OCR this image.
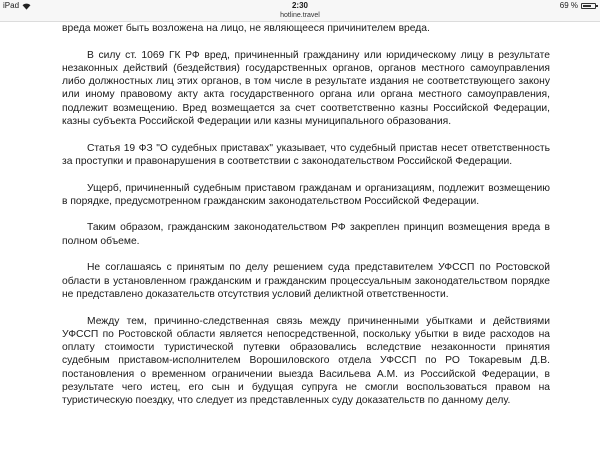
iPad	2:30	69 %
hotline.travel

вреда может быть возложена на лицо, не являющееся причинителем вреда.

В силу ст. 1069 ГК РФ вред, причиненный гражданину или юридическому лицу в результате незаконных действий (бездействия) государственных органов, органов местного самоуправления либо должностных лиц этих органов, в том числе в результате издания не соответствующего закону или иному правовому акту акта государственного органа или органа местного самоуправления, подлежит возмещению. Вред возмещается за счет соответственно казны Российской Федерации, казны субъекта Российской Федерации или казны муниципального образования.

Статья 19 ФЗ "О судебных приставах" указывает, что судебный пристав несет ответственность за проступки и правонарушения в соответствии с законодательством Российской Федерации.

Ущерб, причиненный судебным приставом гражданам и организациям, подлежит возмещению в порядке, предусмотренном гражданским законодательством Российской Федерации.

Таким образом, гражданским законодательством РФ закреплен принцип возмещения вреда в полном объеме.

Не соглашаясь с принятым по делу решением суда представителем УФССП по Ростовской области в установленном гражданским и гражданским процессуальным законодательством порядке не представлено доказательств отсутствия условий деликтной ответственности.

Между тем, причинно-следственная связь между причиненными убытками и действиями УФССП по Ростовской области является непосредственной, поскольку убытки в виде расходов на оплату стоимости туристической путевки образовались вследствие незаконности принятия судебным приставом-исполнителем Ворошиловского отдела УФССП по РО Токаревым Д.В. постановления о временном ограничении выезда Васильева А.М. из Российской Федерации, в результате чего истец, его сын и будущая супруга не смогли воспользоваться правом на туристическую поездку, что следует из представленных суду доказательств по данному делу.
